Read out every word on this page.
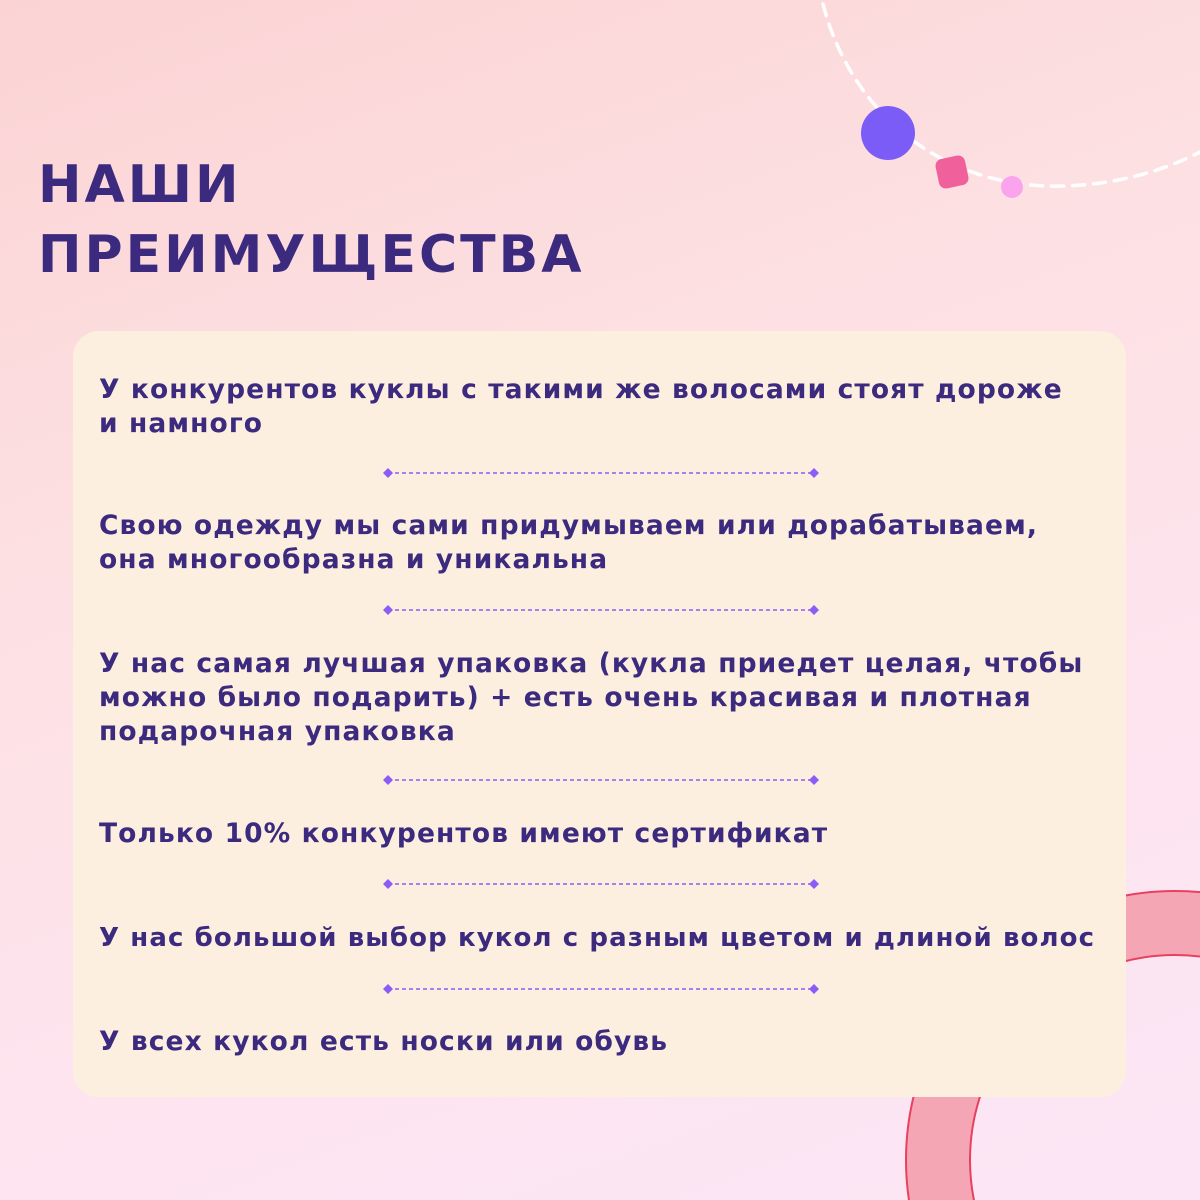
НАШИ
ПРЕИМУЩЕСТВА

У конкурентов куклы с такими же волосами стоят дороже
и намного

Свою одежду мы сами придумываем или дорабатываем,
она многообразна и уникальна

У нас самая лучшая упаковка (кукла приедет целая, чтобы
можно было подарить) + есть очень красивая и плотная
подарочная упаковка

Только 10% конкурентов имеют сертификат

У нас большой выбор кукол с разным цветом и длиной волос

У всех кукол есть носки или обувь
